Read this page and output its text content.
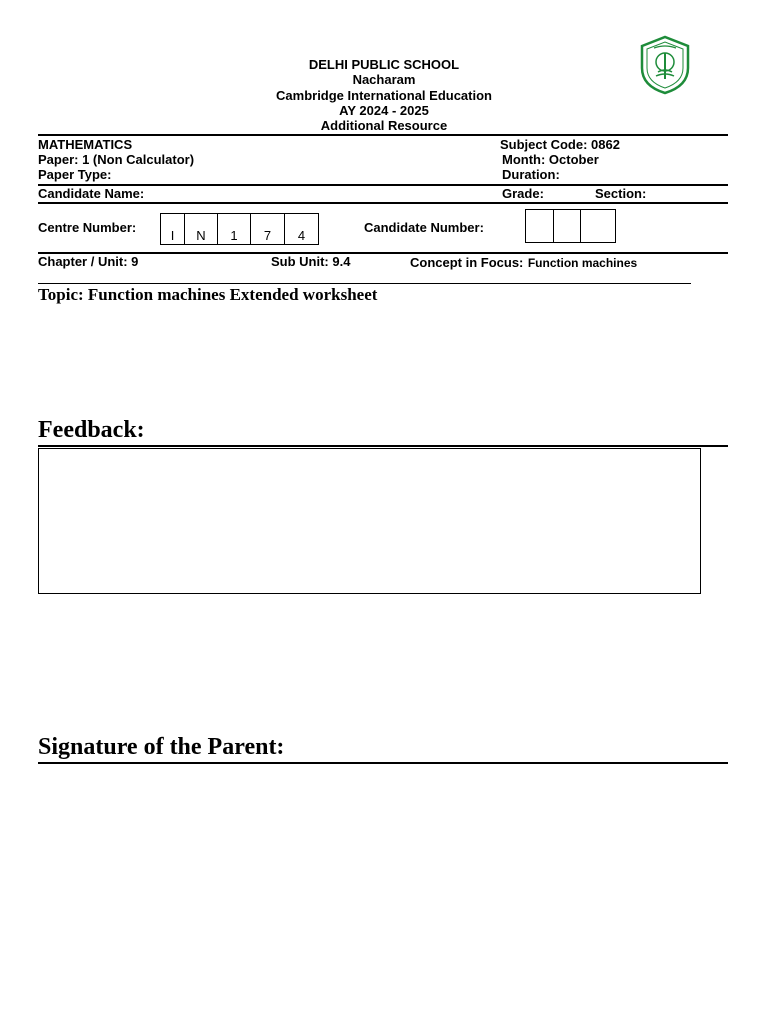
DELHI PUBLIC SCHOOL
Nacharam
Cambridge International Education
AY 2024 - 2025
Additional Resource
MATHEMATICS	Subject Code: 0862
Paper: 1 (Non Calculator)	Month: October
Paper Type:	Duration:
Candidate Name:	Grade:	Section:
Centre Number:
I	N	1	7	4
Candidate Number:
Chapter / Unit: 9	Sub Unit: 9.4	Concept in Focus: Function machines
Topic: Function machines Extended worksheet
Feedback:
Signature of the Parent:
